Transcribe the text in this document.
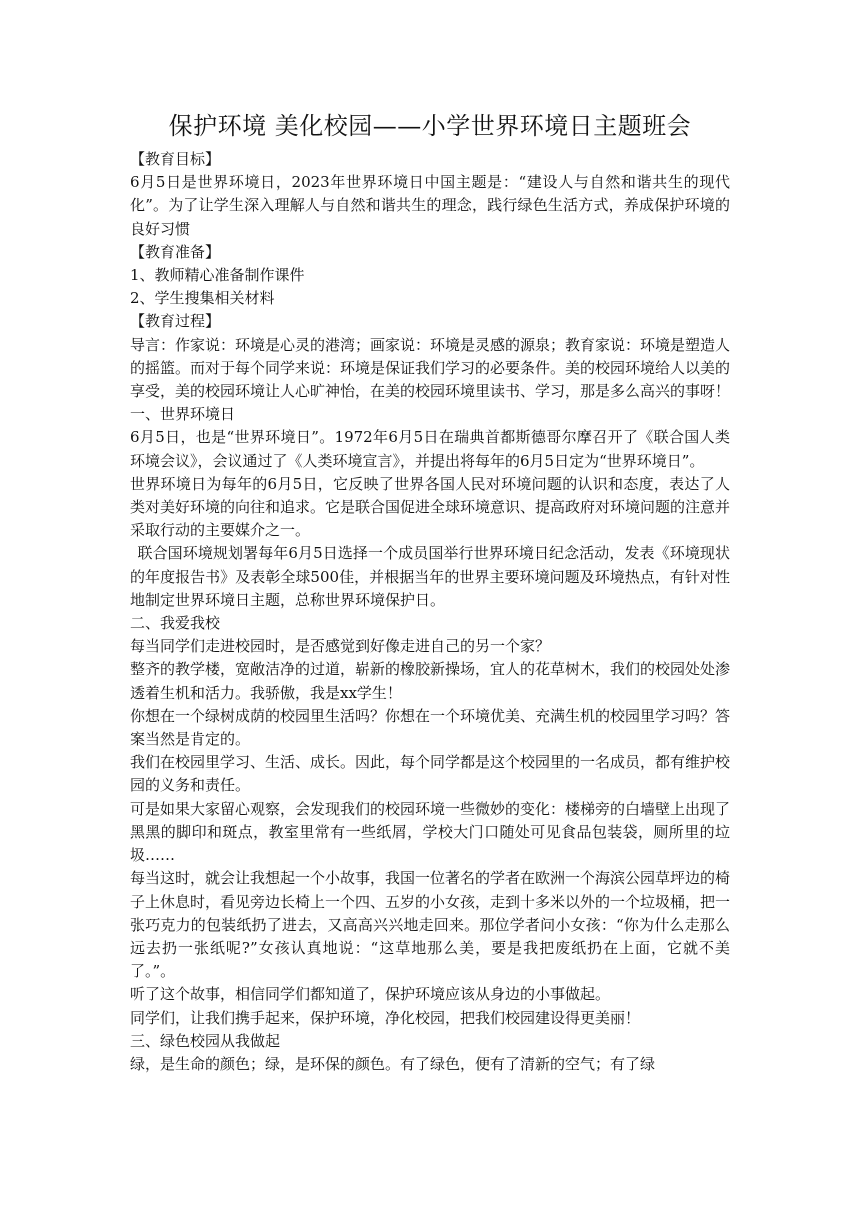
保护环境 美化校园——小学世界环境日主题班会

【教育目标】

6月5日是世界环境日，2023年世界环境日中国主题是：“建设人与自然和谐共生的现代化”。为了让学生深入理解人与自然和谐共生的理念，践行绿色生活方式，养成保护环境的良好习惯

【教育准备】

1、教师精心准备制作课件

2、学生搜集相关材料

【教育过程】

导言：作家说：环境是心灵的港湾；画家说：环境是灵感的源泉；教育家说：环境是塑造人的摇篮。而对于每个同学来说：环境是保证我们学习的必要条件。美的校园环境给人以美的享受，美的校园环境让人心旷神怡，在美的校园环境里读书、学习，那是多么高兴的事呀！

一、世界环境日

6月5日，也是“世界环境日”。1972年6月5日在瑞典首都斯德哥尔摩召开了《联合国人类环境会议》，会议通过了《人类环境宣言》，并提出将每年的6月5日定为“世界环境日”。

世界环境日为每年的6月5日，它反映了世界各国人民对环境问题的认识和态度，表达了人类对美好环境的向往和追求。它是联合国促进全球环境意识、提高政府对环境问题的注意并采取行动的主要媒介之一。

联合国环境规划署每年6月5日选择一个成员国举行世界环境日纪念活动，发表《环境现状的年度报告书》及表彰全球500佳，并根据当年的世界主要环境问题及环境热点，有针对性地制定世界环境日主题，总称世界环境保护日。

二、我爱我校

每当同学们走进校园时，是否感觉到好像走进自己的另一个家？

整齐的教学楼，宽敞洁净的过道，崭新的橡胶新操场，宜人的花草树木，我们的校园处处渗透着生机和活力。我骄傲，我是xx学生！

你想在一个绿树成荫的校园里生活吗？你想在一个环境优美、充满生机的校园里学习吗？答案当然是肯定的。

我们在校园里学习、生活、成长。因此，每个同学都是这个校园里的一名成员，都有维护校园的义务和责任。

可是如果大家留心观察，会发现我们的校园环境一些微妙的变化：楼梯旁的白墙壁上出现了黑黑的脚印和斑点，教室里常有一些纸屑，学校大门口随处可见食品包装袋，厕所里的垃圾……

每当这时，就会让我想起一个小故事，我国一位著名的学者在欧洲一个海滨公园草坪边的椅子上休息时，看见旁边长椅上一个四、五岁的小女孩，走到十多米以外的一个垃圾桶，把一张巧克力的包装纸扔了进去，又高高兴兴地走回来。那位学者问小女孩：“你为什么走那么远去扔一张纸呢?”女孩认真地说：“这草地那么美，要是我把废纸扔在上面，它就不美了。”。

听了这个故事，相信同学们都知道了，保护环境应该从身边的小事做起。

同学们，让我们携手起来，保护环境，净化校园，把我们校园建设得更美丽！

三、绿色校园从我做起

绿，是生命的颜色；绿，是环保的颜色。有了绿色，便有了清新的空气；有了绿
